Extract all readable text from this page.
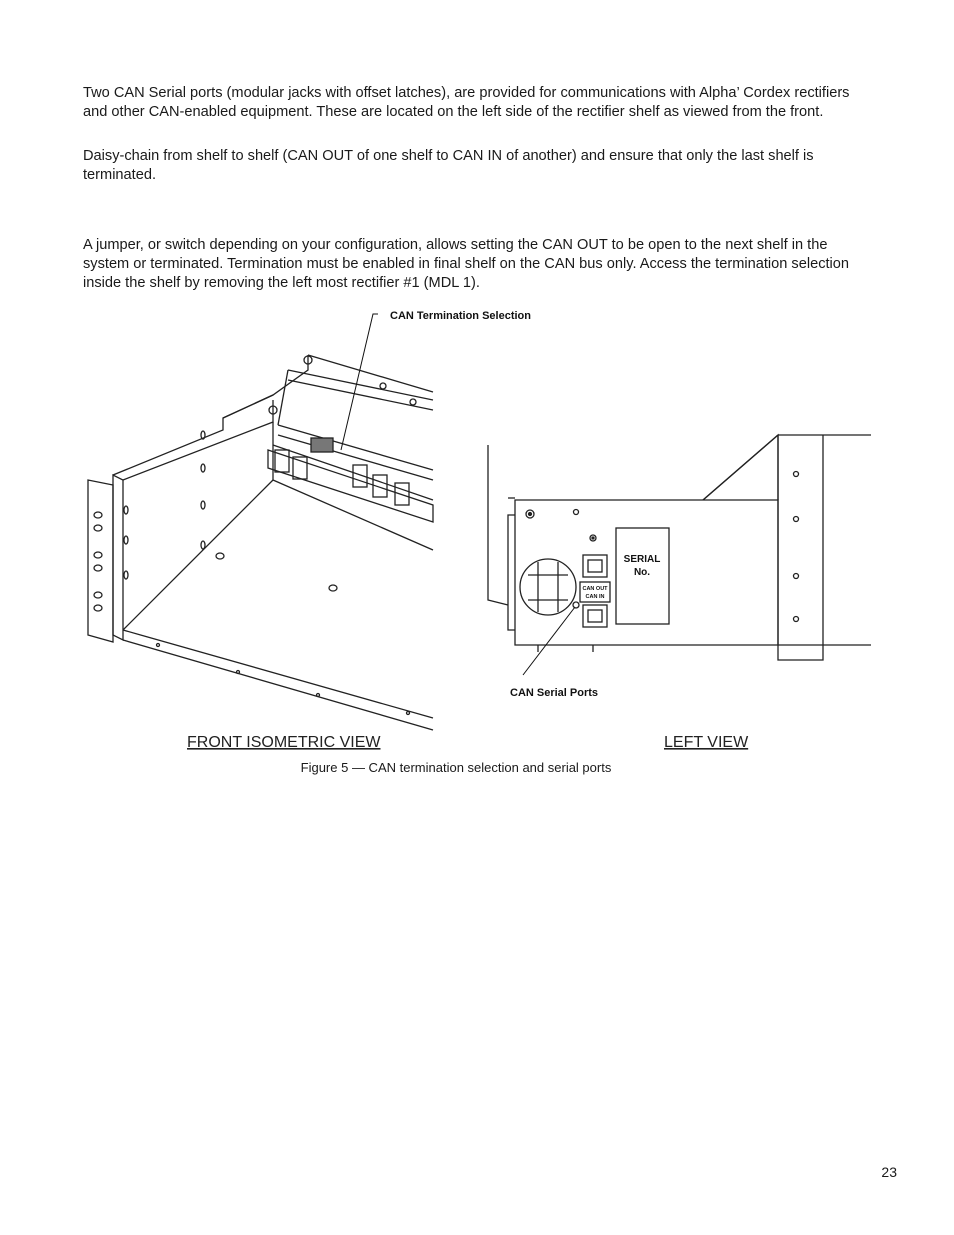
Two CAN Serial ports (modular jacks with offset latches), are provided for communications with Alpha’ Cordex rectifiers and other CAN-enabled equipment. These are located on the left side of the rectifier shelf as viewed from the front.

Daisy-chain from shelf to shelf (CAN OUT of one shelf to CAN IN of another) and ensure that only the last shelf is terminated.

A jumper, or switch depending on your configuration, allows setting the CAN OUT to be open to the next shelf in the system or terminated. Termination must be enabled in final shelf on the CAN bus only. Access the termination selection inside the shelf by removing the left most rectifier #1 (MDL 1).

CAN Termination Selection
SERIAL
No.
CAN OUT
CAN IN
CAN Serial Ports
FRONT ISOMETRIC VIEW	LEFT VIEW
Figure 5 — CAN termination selection and serial ports
23
